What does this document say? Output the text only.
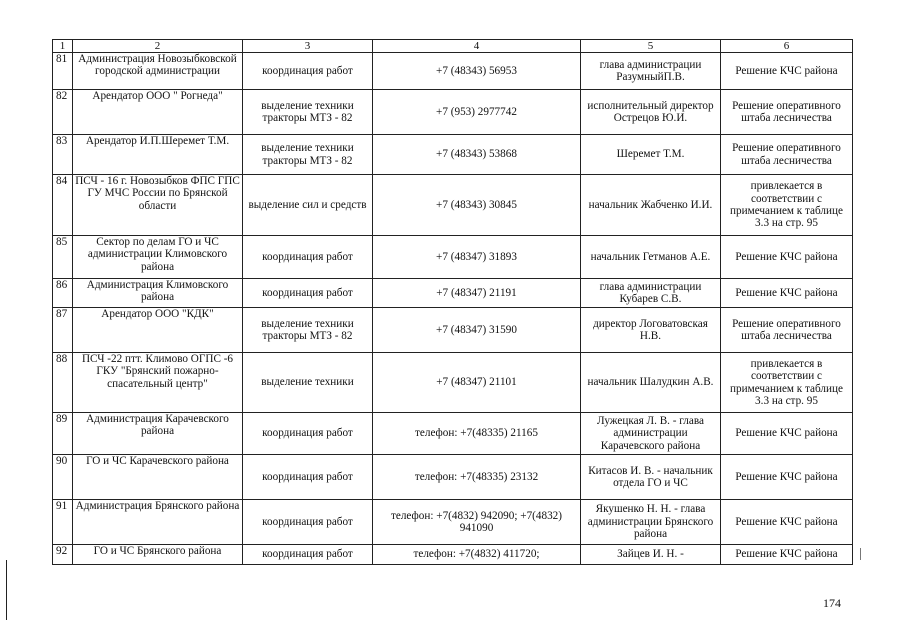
1	2	3	4	5	6
81	Администрация Новозыбковской городской администрации	координация работ	+7 (48343) 56953	глава администрации РазумныйП.В.	Решение КЧС района
82	Арендатор ООО " Рогнеда"	выделение техники тракторы МТЗ - 82	+7 (953) 2977742	исполнительный директор Острецов Ю.И.	Решение оперативного штаба лесничества
83	Арендатор И.П.Шеремет Т.М.	выделение техники тракторы МТЗ - 82	+7 (48343) 53868	Шеремет Т.М.	Решение оперативного штаба лесничества
84	ПСЧ - 16 г. Новозыбков ФПС ГПС ГУ МЧС России по Брянской области	выделение сил и средств	+7 (48343) 30845	начальник Жабченко И.И.	привлекается в соответствии с примечанием к таблице 3.3 на стр. 95
85	Сектор по делам ГО и ЧС администрации Климовского района	координация работ	+7 (48347) 31893	начальник Гетманов А.Е.	Решение КЧС района
86	Администрация Климовского района	координация работ	+7 (48347) 21191	глава администрации Кубарев С.В.	Решение КЧС района
87	Арендатор ООО "КДК"	выделение техники тракторы МТЗ - 82	+7 (48347) 31590	директор Логоватовская Н.В.	Решение оперативного штаба лесничества
88	ПСЧ -22 птт. Климово ОГПС -6 ГКУ "Брянский пожарно-спасательный центр"	выделение техники	+7 (48347) 21101	начальник Шалудкин А.В.	привлекается в соответствии с примечанием к таблице 3.3 на стр. 95
89	Администрация Карачевского района	координация работ	телефон: +7(48335) 21165	Лужецкая Л. В. - глава администрации Карачевского района	Решение КЧС района
90	ГО и ЧС Карачевского района	координация работ	телефон: +7(48335) 23132	Китасов И. В. - начальник отдела ГО и ЧС	Решение КЧС района
91	Администрация Брянского района	координация работ	телефон: +7(4832) 942090; +7(4832) 941090	Якушенко Н. Н. - глава администрации Брянского района	Решение КЧС района
92	ГО и ЧС Брянского района	координация работ	телефон: +7(4832) 411720;	Зайцев И. Н. -	Решение КЧС района
174
